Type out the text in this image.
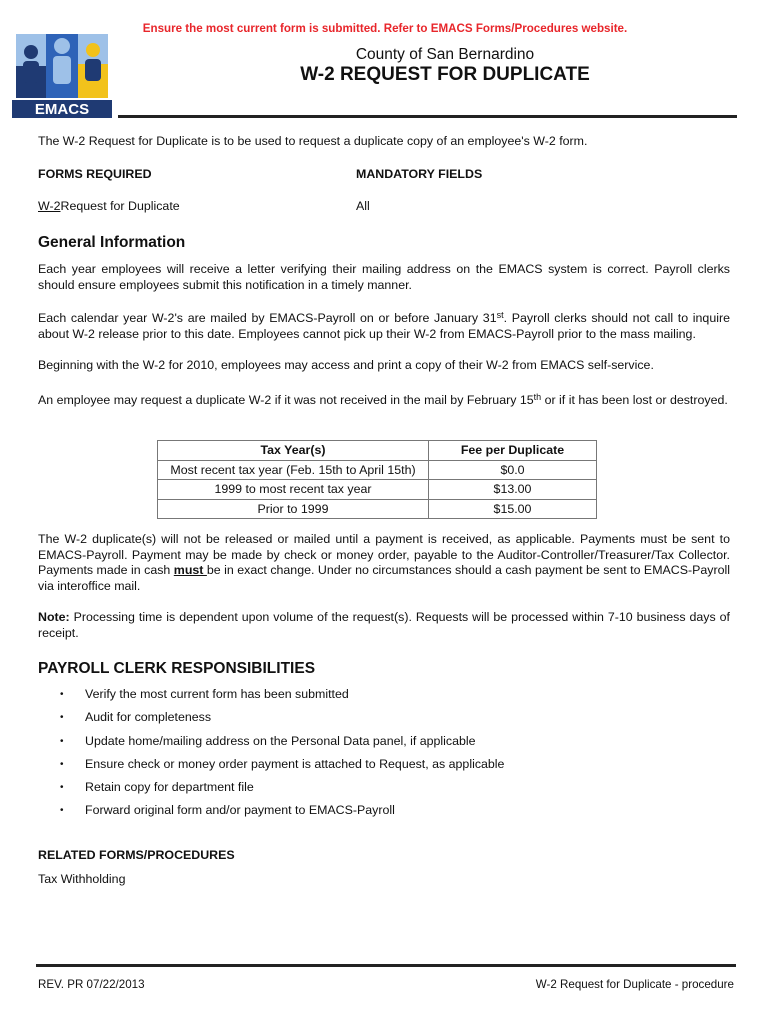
Ensure the most current form is submitted. Refer to EMACS Forms/Procedures website.
EMACS
County of San Bernardino
W-2 REQUEST FOR DUPLICATE

The W-2 Request for Duplicate is to be used to request a duplicate copy of an employee's W-2 form.

FORMS REQUIRED	MANDATORY FIELDS
W-2Request for Duplicate	All
General Information

Each year employees will receive a letter verifying their mailing address on the EMACS system is correct. Payroll clerks should ensure employees submit this notification in a timely manner.

Each calendar year W-2's are mailed by EMACS-Payroll on or before January 31st. Payroll clerks should not call to inquire about W-2 release prior to this date. Employees cannot pick up their W-2 from EMACS-Payroll prior to the mass mailing.

Beginning with the W-2 for 2010, employees may access and print a copy of their W-2 from EMACS self-service.

An employee may request a duplicate W-2 if it was not received in the mail by February 15th or if it has been lost or destroyed.

Tax Year(s)	Fee per Duplicate
Most recent tax year (Feb. 15th to April 15th)	$0.0
1999 to most recent tax year	$13.00
Prior to 1999	$15.00

The W-2 duplicate(s) will not be released or mailed until a payment is received, as applicable. Payments must be sent to EMACS-Payroll. Payment may be made by check or money order, payable to the Auditor-Controller/Treasurer/Tax Collector. Payments made in cash must be in exact change. Under no circumstances should a cash payment be sent to EMACS-Payroll via interoffice mail.

Note: Processing time is dependent upon volume of the request(s). Requests will be processed within 7-10 business days of receipt.

PAYROLL CLERK RESPONSIBILITIES
• Verify the most current form has been submitted
• Audit for completeness
• Update home/mailing address on the Personal Data panel, if applicable
• Ensure check or money order payment is attached to Request, as applicable
• Retain copy for department file
• Forward original form and/or payment to EMACS-Payroll
RELATED FORMS/PROCEDURES
Tax Withholding
REV. PR 07/22/2013	W-2 Request for Duplicate - procedure
